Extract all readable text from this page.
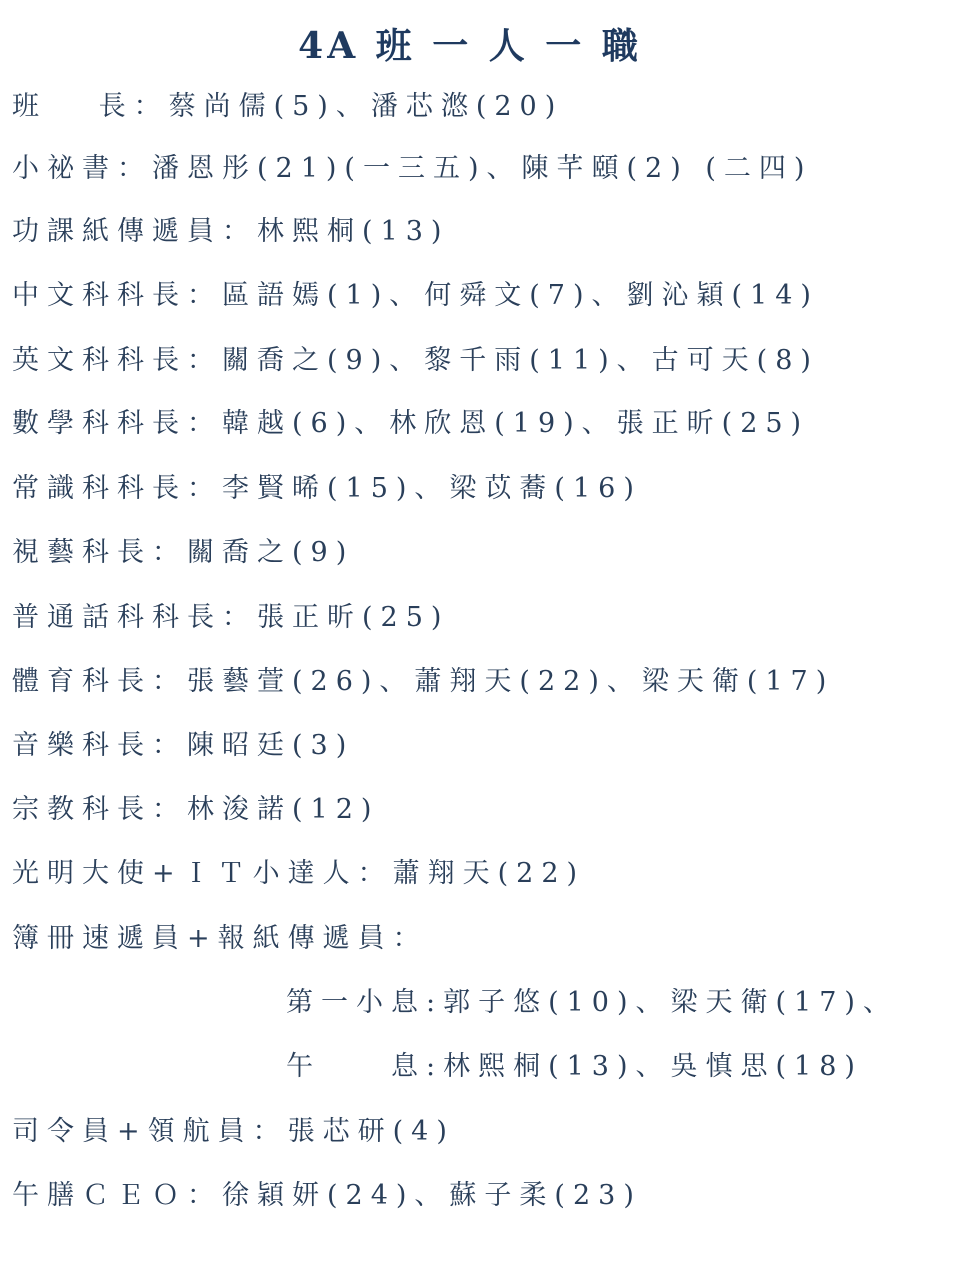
4A 班 一 人 一 職
班　 長：蔡尚儒(5)、潘芯滺(20)
小祕書：潘恩彤(21)(一三五)、陳芊頤(2) (二四)
功課紙傳遞員：林熙桐(13)
中文科科長：區語嫣(1)、何舜文(7)、劉沁穎(14)
英文科科長：關喬之(9)、黎千雨(11)、古可天(8)
數學科科長：韓越(6)、林欣恩(19)、張正昕(25)
常識科科長：李賢晞(15)、梁苡蕎(16)
視藝科長：關喬之(9)
普通話科科長：張正昕(25)
體育科長：張藝萱(26)、蕭翔天(22)、梁天衛(17)
音樂科長：陳昭廷(3)
宗教科長：林浚諾(12)
光明大使+ＩＴ小達人：蕭翔天(22)
簿冊速遞員+報紙傳遞員：
第一小息:郭子悠(10)、梁天衛(17)、
午　　息:林熙桐(13)、吳慎思(18)
司令員+領航員：張芯研(4)
午膳ＣＥＯ：徐穎妍(24)、蘇子柔(23)
